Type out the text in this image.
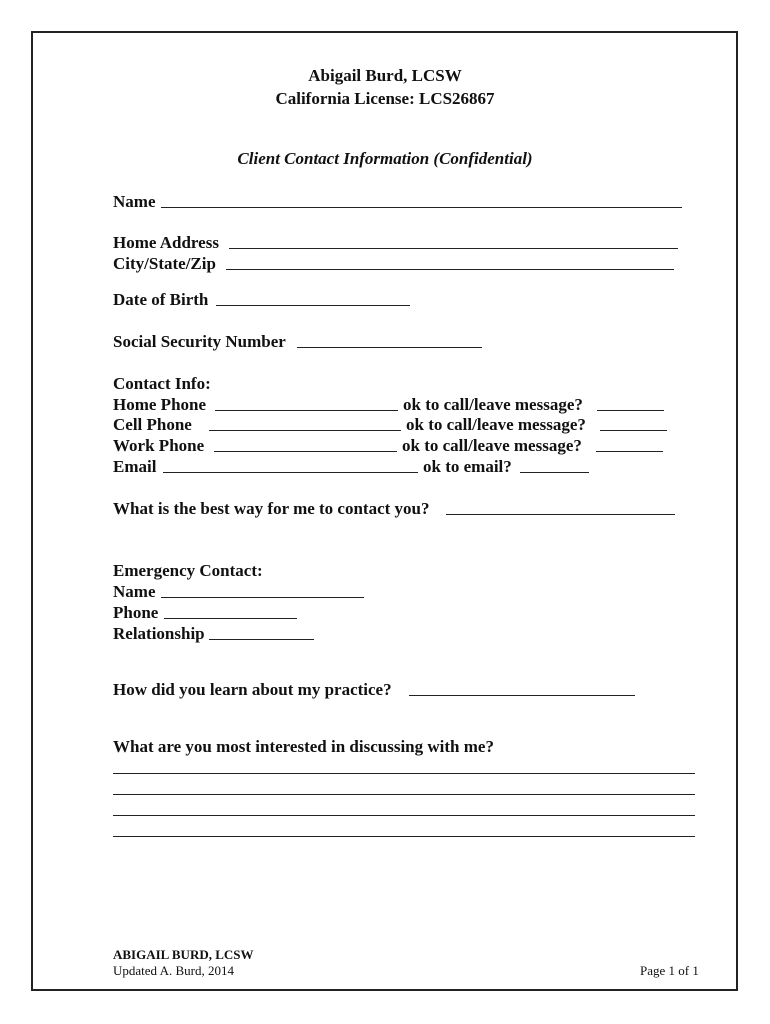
Abigail Burd, LCSW
California License: LCS26867
Client Contact Information (Confidential)
Name
Home Address
City/State/Zip
Date of Birth
Social Security Number
Contact Info:
Home Phone	ok to call/leave message?
Cell Phone	ok to call/leave message?
Work Phone	ok to call/leave message?
Email	ok to email?
What is the best way for me to contact you?
Emergency Contact:
Name
Phone
Relationship
How did you learn about my practice?
What are you most interested in discussing with me?
ABIGAIL BURD, LCSW
Updated A. Burd, 2014	Page 1 of 1
